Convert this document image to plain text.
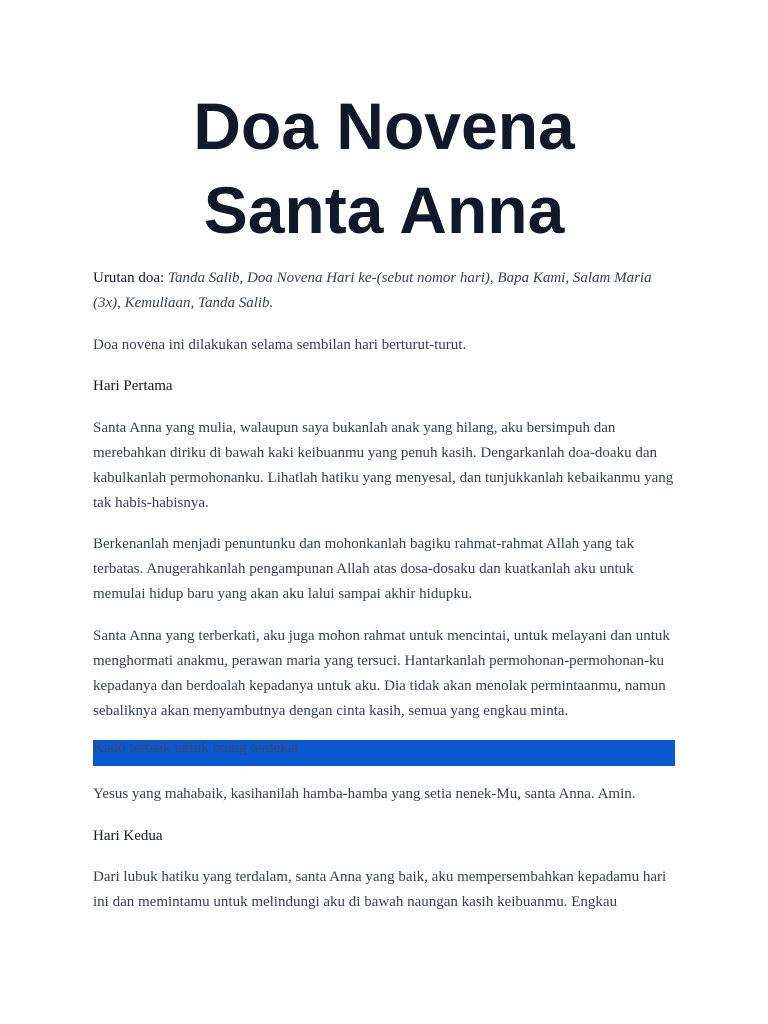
Doa Novena
Santa Anna

Urutan doa: Tanda Salib, Doa Novena Hari ke-(sebut nomor hari), Bapa Kami, Salam Maria (3x), Kemuliaan, Tanda Salib.

Doa novena ini dilakukan selama sembilan hari berturut-turut.

Hari Pertama

Santa Anna yang mulia, walaupun saya bukanlah anak yang hilang, aku bersimpuh dan merebahkan diriku di bawah kaki keibuanmu yang penuh kasih. Dengarkanlah doa-doaku dan kabulkanlah permohonanku. Lihatlah hatiku yang menyesal, dan tunjukkanlah kebaikanmu yang tak habis-habisnya.

Berkenanlah menjadi penuntunku dan mohonkanlah bagiku rahmat-rahmat Allah yang tak terbatas. Anugerahkanlah pengampunan Allah atas dosa-dosaku dan kuatkanlah aku untuk memulai hidup baru yang akan aku lalui sampai akhir hidupku.

Santa Anna yang terberkati, aku juga mohon rahmat untuk mencintai, untuk melayani dan untuk menghormati anakmu, perawan maria yang tersuci. Hantarkanlah permohonan-permohonan-ku kepadanya dan berdoalah kepadanya untuk aku. Dia tidak akan menolak permintaanmu, namun sebaliknya akan menyambutnya dengan cinta kasih, semua yang engkau minta.

Kado terbaik untuk orang terdekat

Yesus yang mahabaik, kasihanilah hamba-hamba yang setia nenek-Mu, santa Anna. Amin.

Hari Kedua

Dari lubuk hatiku yang terdalam, santa Anna yang baik, aku mempersembahkan kepadamu hari ini dan memintamu untuk melindungi aku di bawah naungan kasih keibuanmu. Engkau
